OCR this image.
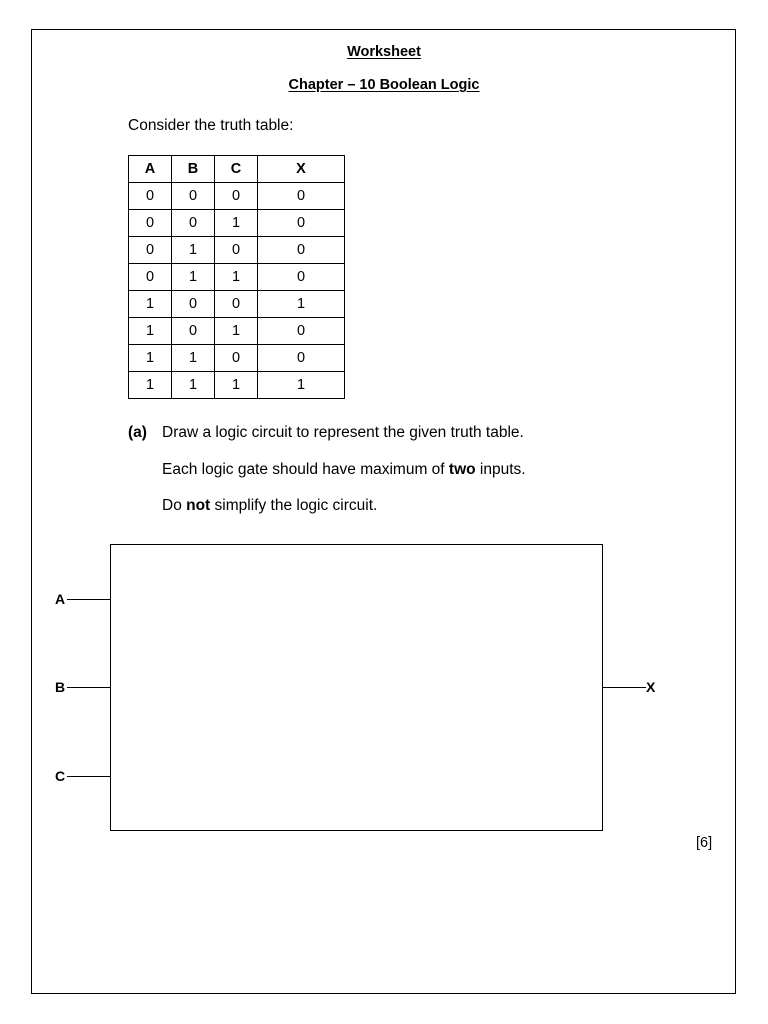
Worksheet
Chapter – 10 Boolean Logic
Consider the truth table:
A	B	C	X
0	0	0	0
0	0	1	0
0	1	0	0
0	1	1	0
1	0	0	1
1	0	1	0
1	1	0	0
1	1	1	1
(a) Draw a logic circuit to represent the given truth table.
Each logic gate should have maximum of two inputs.
Do not simplify the logic circuit.
A
B
C
X
[6]
